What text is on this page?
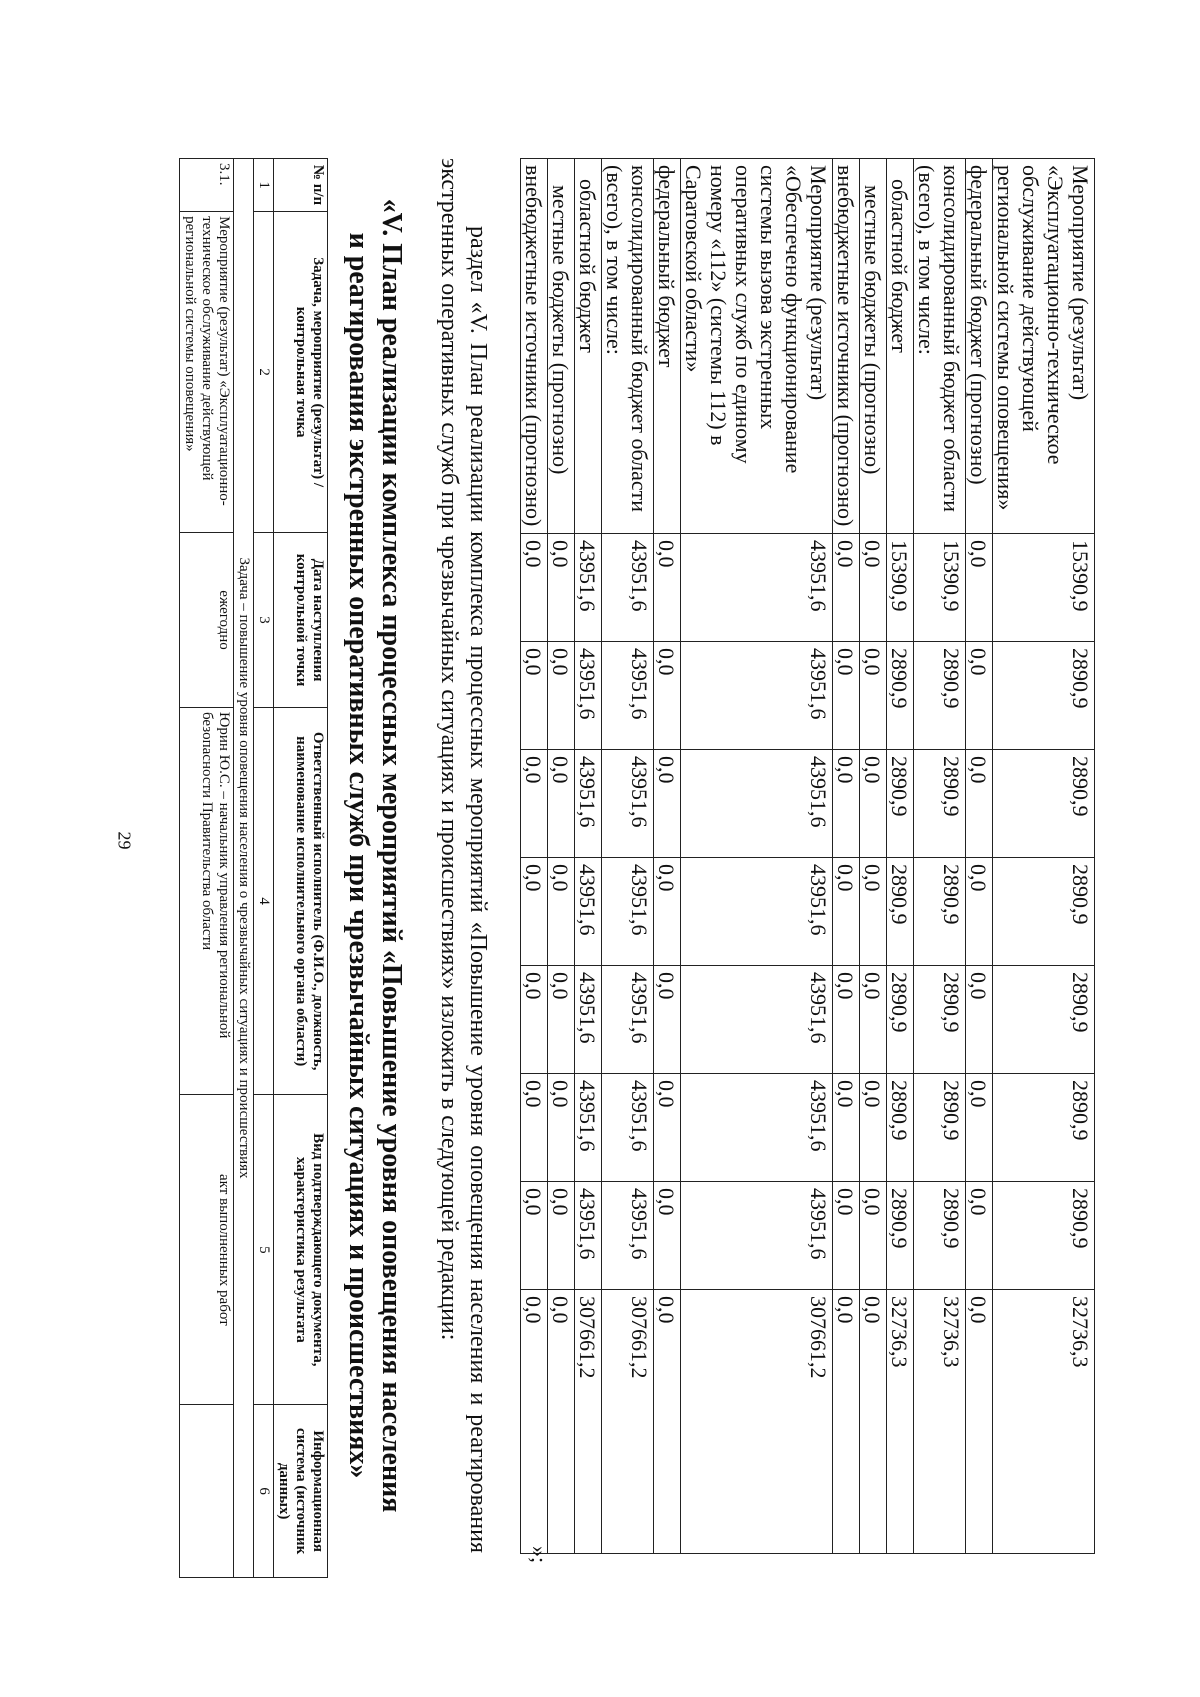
29
Мероприятие (результат) «Эксплуатационно-техническое обслуживание действующей региональной системы оповещения»	15390,9	2890,9	2890,9	2890,9	2890,9	2890,9	2890,9	32736,3
федеральный бюджет (прогнозно)	0,0	0,0	0,0	0,0	0,0	0,0	0,0	0,0
консолидированный бюджет области (всего), в том числе:	15390,9	2890,9	2890,9	2890,9	2890,9	2890,9	2890,9	32736,3
областной бюджет	15390,9	2890,9	2890,9	2890,9	2890,9	2890,9	2890,9	32736,3
местные бюджеты (прогнозно)	0,0	0,0	0,0	0,0	0,0	0,0	0,0	0,0
внебюджетные источники (прогнозно)	0,0	0,0	0,0	0,0	0,0	0,0	0,0	0,0
Мероприятие (результат) «Обеспечено функционирование системы вызова экстренных оперативных служб по единому номеру «112» (системы 112) в Саратовской области»	43951,6	43951,6	43951,6	43951,6	43951,6	43951,6	43951,6	307661,2
федеральный бюджет	0,0	0,0	0,0	0,0	0,0	0,0	0,0	0,0
консолидированный бюджет области (всего), в том числе:	43951,6	43951,6	43951,6	43951,6	43951,6	43951,6	43951,6	307661,2
областной бюджет	43951,6	43951,6	43951,6	43951,6	43951,6	43951,6	43951,6	307661,2
местные бюджеты (прогнозно)	0,0	0,0	0,0	0,0	0,0	0,0	0,0	0,0
внебюджетные источники (прогнозно)	0,0	0,0	0,0	0,0	0,0	0,0	0,0	0,0
»;

раздел «V. План реализации комплекса процессных мероприятий «Повышение уровня оповещения населения и реагирования экстренных оперативных служб при чрезвычайных ситуациях и происшествиях» изложить в следующей редакции:

«V. План реализации комплекса процессных мероприятий «Повышение уровня оповещения населения
и реагирования экстренных оперативных служб при чрезвычайных ситуациях и происшествиях»
№ п/п	Задача, мероприятие (результат) / контрольная точка	Дата наступления контрольной точки	Ответственный исполнитель (Ф.И.О., должность, наименование исполнительного органа области)	Вид подтверждающего документа, характеристика результата	Информационная система (источник данных)
1	2	3	4	5	6
Задача – повышение уровня оповещения населения о чрезвычайных ситуациях и происшествиях					
3.1.	Мероприятие (результат) «Эксплуатационно-техническое обслуживание действующей региональной системы оповещения»	ежегодно	Юрин Ю.С. – начальник управления региональной безопасности Правительства области	акт выполненных работ	
